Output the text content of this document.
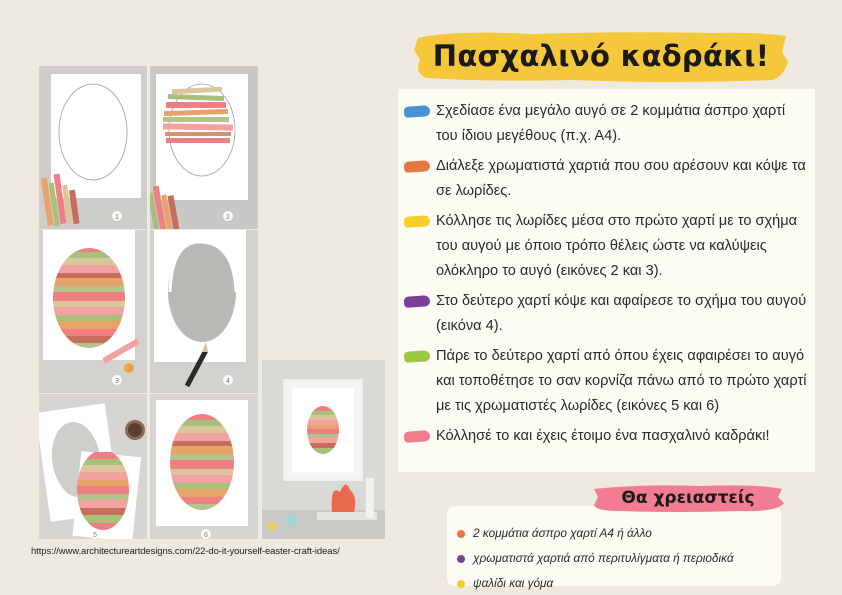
1	2
3	4
5	6
https://www.architectureartdesigns.com/22-do-it-yourself-easter-craft-ideas/
Πασχαλινό καδράκι!
Σχεδίασε ένα μεγάλο αυγό σε 2 κομμάτια άσπρο χαρτί του ίδιου μεγέθους (π.χ. Α4).
Διάλεξε χρωματιστά χαρτιά που σου αρέσουν και κόψε τα σε λωρίδες.
Κόλλησε τις λωρίδες μέσα στο πρώτο χαρτί με το σχήμα του αυγού με όποιο τρόπο θέλεις ώστε να καλύψεις ολόκληρο το αυγό (εικόνες 2 και 3).
Στο δεύτερο χαρτί κόψε και αφαίρεσε το σχήμα του αυγού (εικόνα 4).
Πάρε το δεύτερο χαρτί από όπου έχεις αφαιρέσει το αυγό και τοποθέτησε το σαν κορνίζα πάνω από το πρώτο χαρτί με τις χρωματιστές λωρίδες (εικόνες 5 και 6)
Κόλλησέ το και έχεις έτοιμο ένα πασχαλινό καδράκι!
2 κομμάτια άσπρο χαρτί Α4 ή άλλο
χρωματιστά χαρτιά από περιτυλίγματα ή περιοδικά
ψαλίδι και γόμα
Θα χρειαστείς
